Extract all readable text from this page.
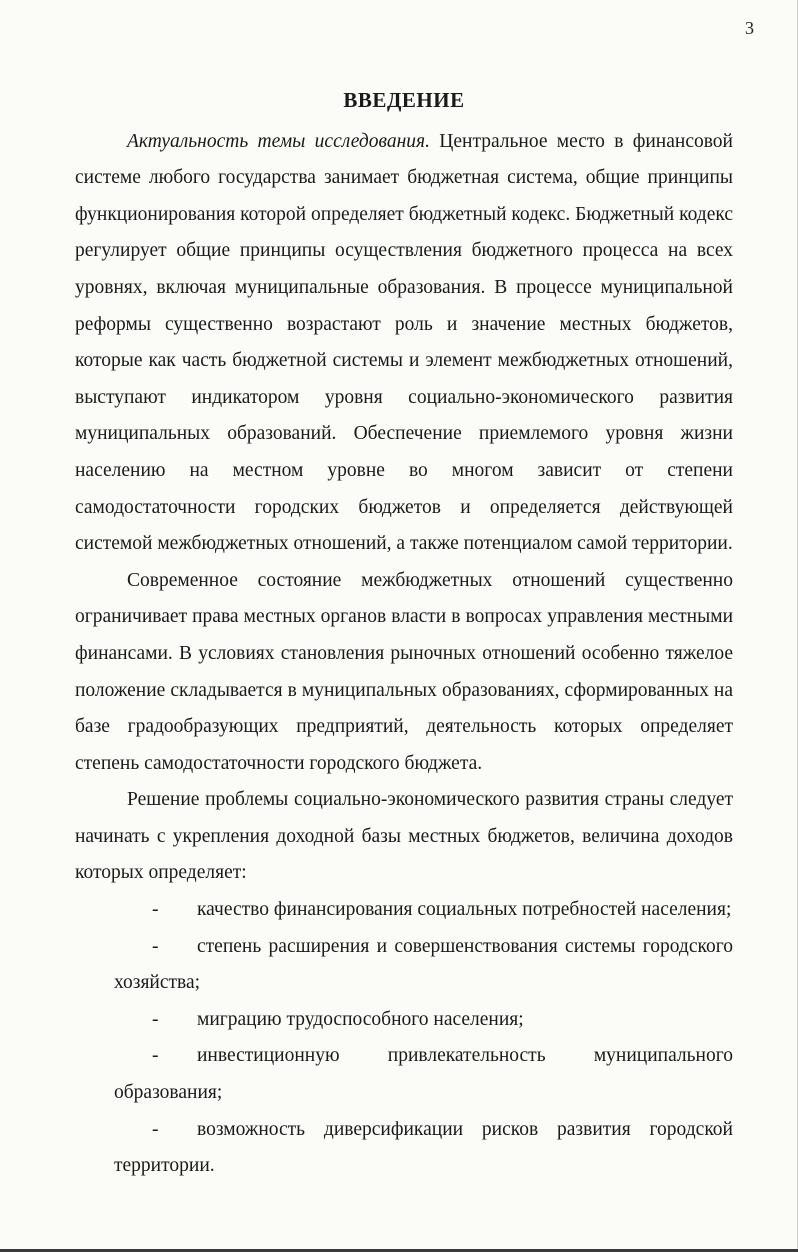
3
ВВЕДЕНИЕ

Актуальность темы исследования. Центральное место в финансовой системе любого государства занимает бюджетная система, общие принципы функционирования которой определяет бюджетный кодекс. Бюджетный кодекс регулирует общие принципы осуществления бюджетного процесса на всех уровнях, включая муниципальные образования. В процессе муниципальной реформы существенно возрастают роль и значение местных бюджетов, которые как часть бюджетной системы и элемент межбюджетных отношений, выступают индикатором уровня социально-экономического развития муниципальных образований. Обеспечение приемлемого уровня жизни населению на местном уровне во многом зависит от степени самодостаточности городских бюджетов и определяется действующей системой межбюджетных отношений, а также потенциалом самой территории.

Современное состояние межбюджетных отношений существенно ограничивает права местных органов власти в вопросах управления местными финансами. В условиях становления рыночных отношений особенно тяжелое положение складывается в муниципальных образованиях, сформированных на базе градообразующих предприятий, деятельность которых определяет степень самодостаточности городского бюджета.

Решение проблемы социально-экономического развития страны следует начинать с укрепления доходной базы местных бюджетов, величина доходов которых определяет:

- качество финансирования социальных потребностей населения;
- степень расширения и совершенствования системы городского хозяйства;
- миграцию трудоспособного населения;
- инвестиционную привлекательность муниципального образования;
- возможность диверсификации рисков развития городской территории.
